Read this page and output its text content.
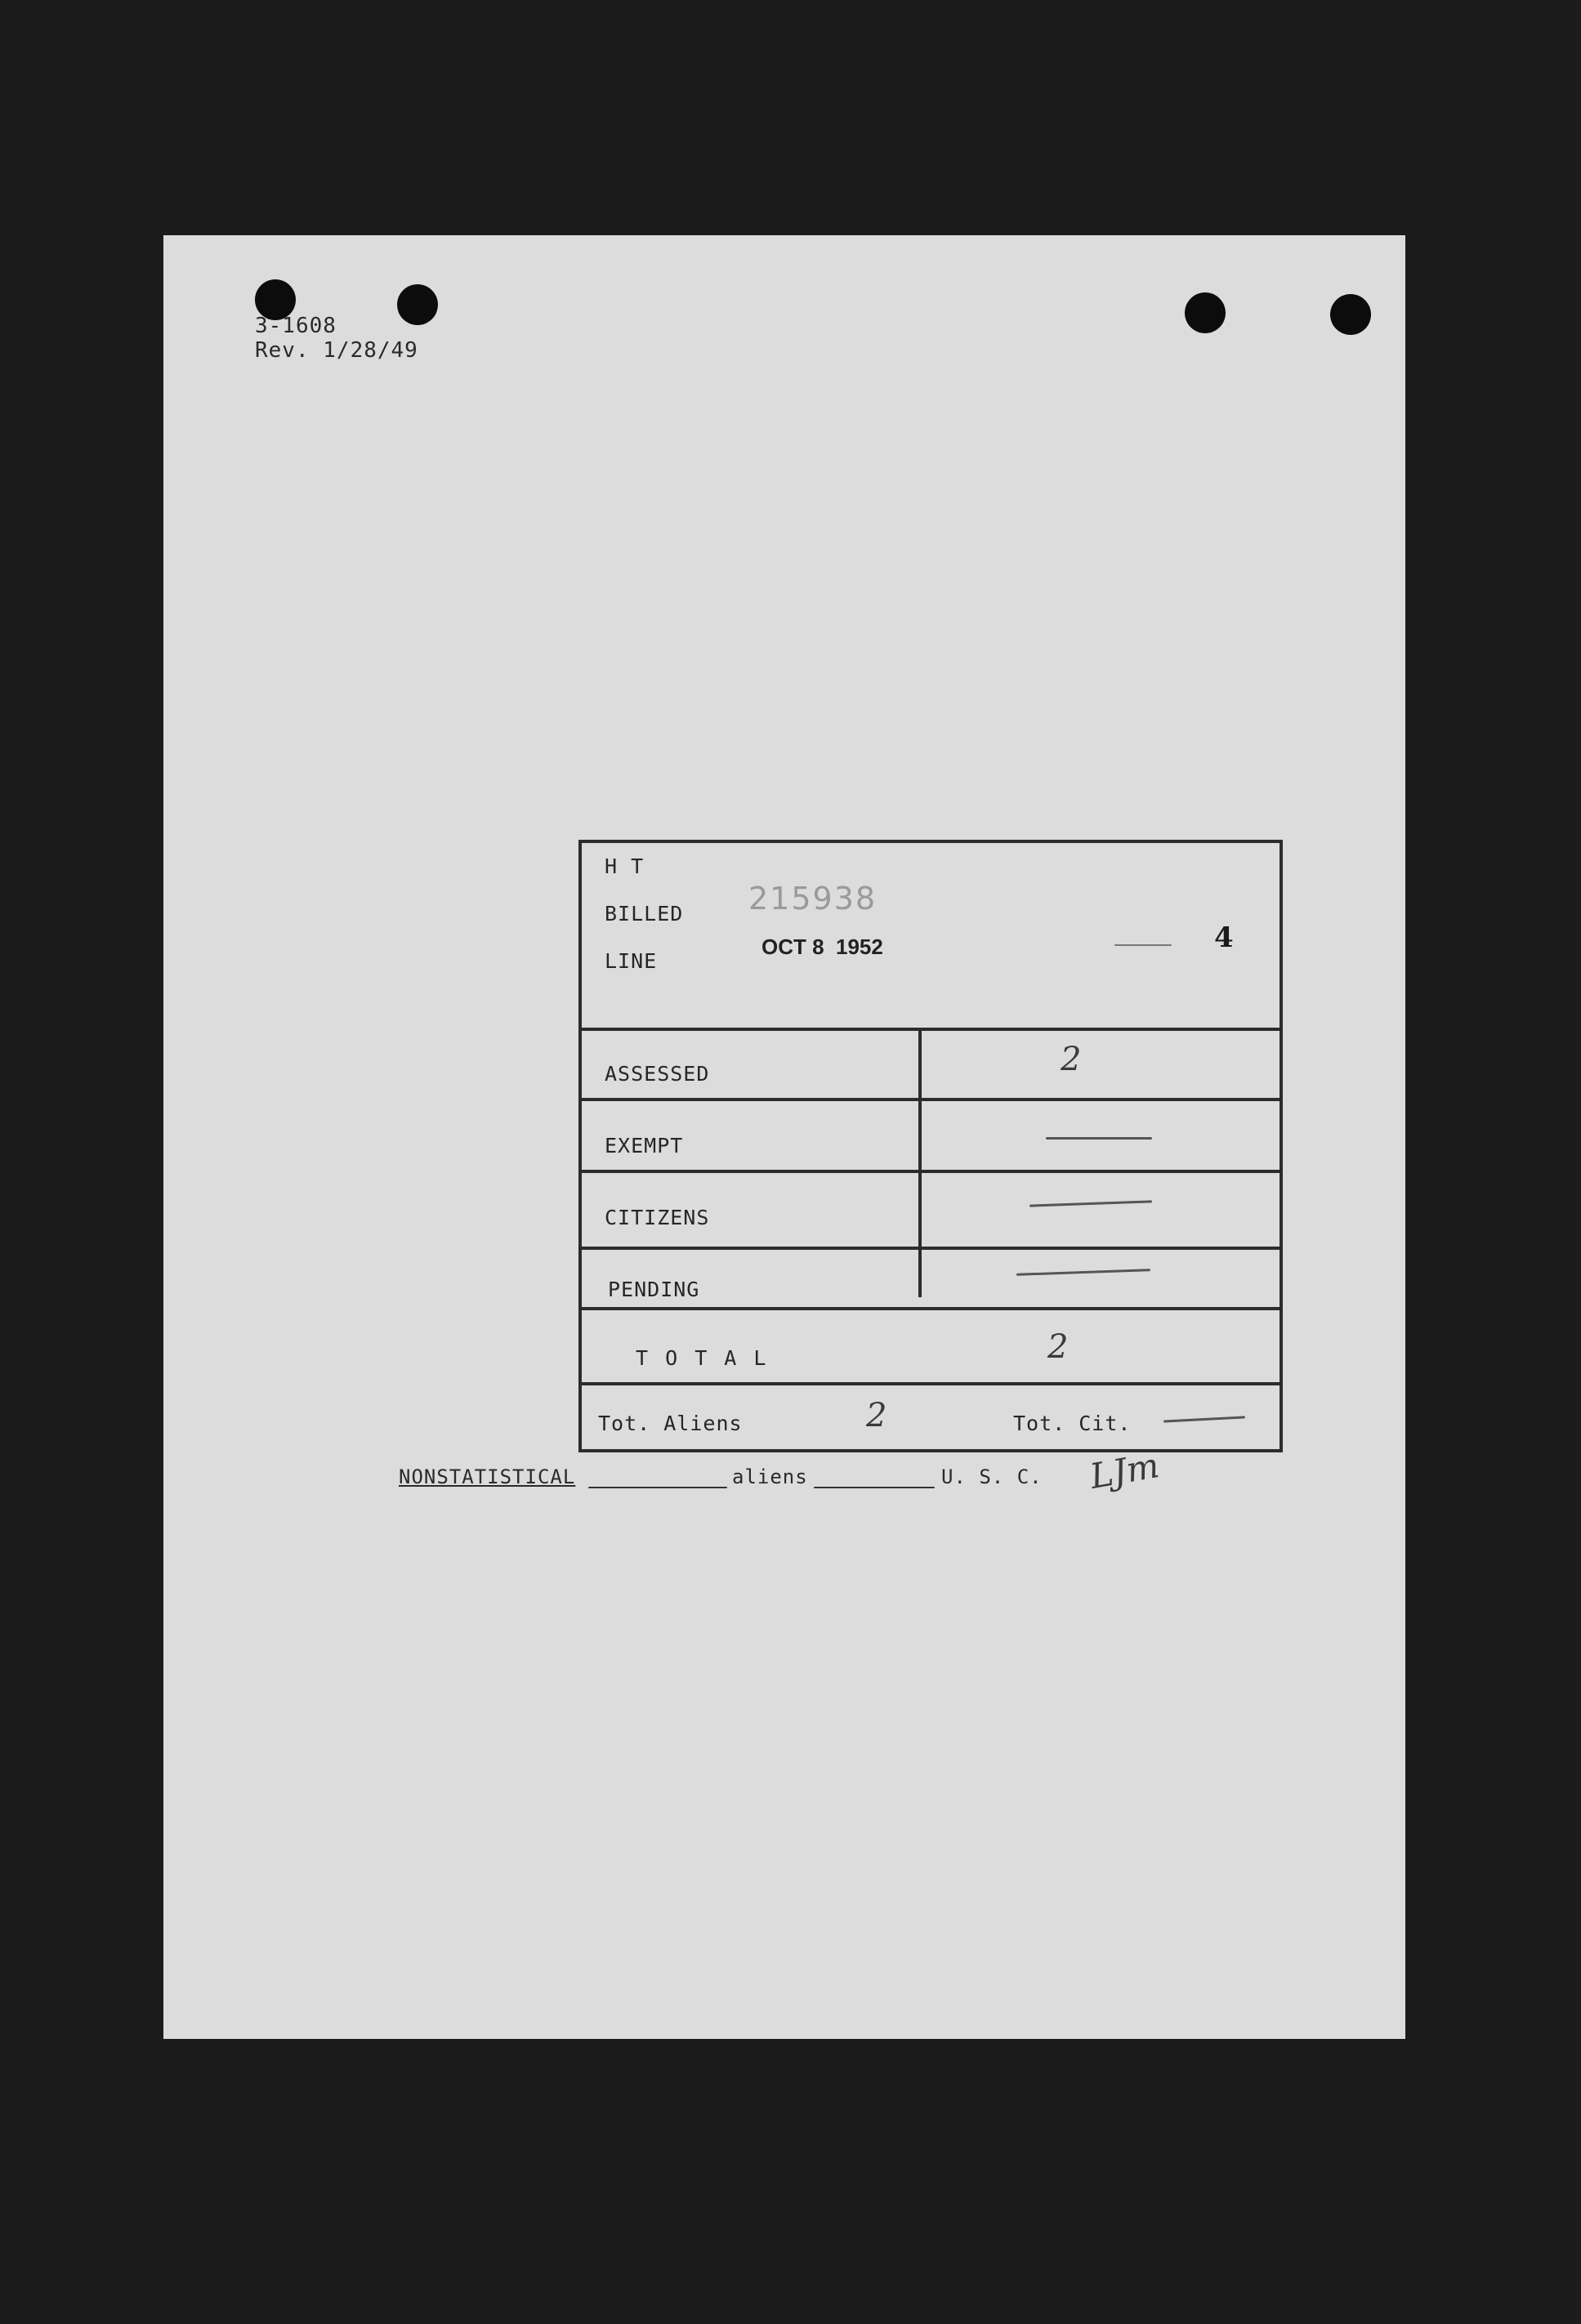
3-1608
Rev. 1/28/49
4
H T
BILLED
LINE
215938
OCT 8  1952
ASSESSED	2
EXEMPT
CITIZENS
PENDING
T O T A L	2
Tot. Aliens	2	Tot. Cit.
NONSTATISTICAL	aliens	U. S. C. LJm
